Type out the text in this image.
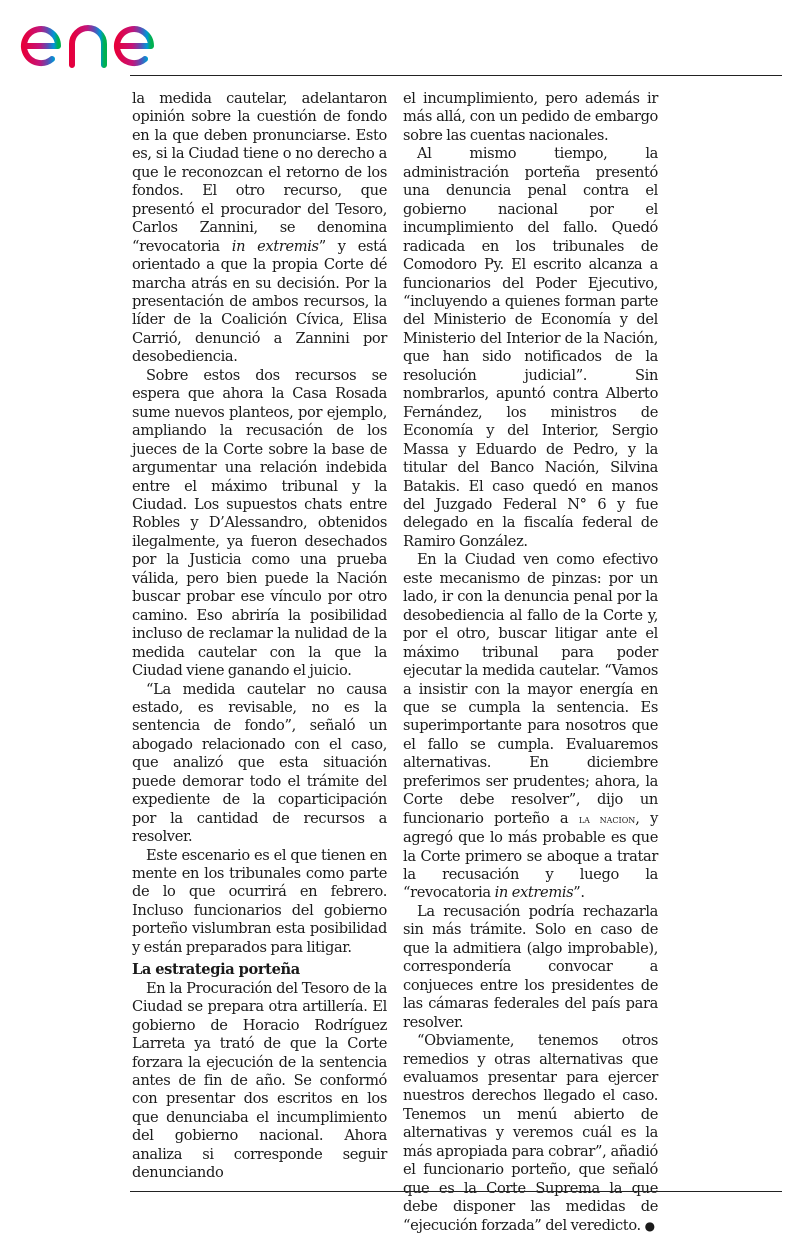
la medida cautelar, adelantaron opinión sobre la cuestión de fondo en la que deben pronunciarse. Esto es, si la Ciudad tiene o no derecho a que le reconozcan el retorno de los fondos. El otro recurso, que presentó el procurador del Tesoro, Carlos Zannini, se denomina “revocatoria in extremis” y está orientado a que la propia Corte dé marcha atrás en su decisión. Por la presentación de ambos recursos, la líder de la Coalición Cívica, Elisa Carrió, denunció a Zannini por desobediencia.

Sobre estos dos recursos se espera que ahora la Casa Rosada sume nuevos planteos, por ejemplo, ampliando la recusación de los jueces de la Corte sobre la base de argumentar una relación indebida entre el máximo tribunal y la Ciudad. Los supuestos chats entre Robles y D’Alessandro, obtenidos ilegalmente, ya fueron desechados por la Justicia como una prueba válida, pero bien puede la Nación buscar probar ese vínculo por otro camino. Eso abriría la posibilidad incluso de reclamar la nulidad de la medida cautelar con la que la Ciudad viene ganando el juicio.

“La medida cautelar no causa estado, es revisable, no es la sentencia de fondo”, señaló un abogado relacionado con el caso, que analizó que esta situación puede demorar todo el trámite del expediente de la coparticipación por la cantidad de recursos a resolver.

Este escenario es el que tienen en mente en los tribunales como parte de lo que ocurrirá en febrero. Incluso funcionarios del gobierno porteño vislumbran esta posibilidad y están preparados para litigar.

La estrategia porteña

En la Procuración del Tesoro de la Ciudad se prepara otra artillería. El gobierno de Horacio Rodríguez Larreta ya trató de que la Corte forzara la ejecución de la sentencia antes de fin de año. Se conformó con presentar dos escritos en los que denunciaba el incumplimiento del gobierno nacional. Ahora analiza si corresponde seguir denunciando

el incumplimiento, pero además ir más allá, con un pedido de embargo sobre las cuentas nacionales.

Al mismo tiempo, la administración porteña presentó una denuncia penal contra el gobierno nacional por el incumplimiento del fallo. Quedó radicada en los tribunales de Comodoro Py. El escrito alcanza a funcionarios del Poder Ejecutivo, “incluyendo a quienes forman parte del Ministerio de Economía y del Ministerio del Interior de la Nación, que han sido notificados de la resolución judicial”. Sin nombrarlos, apuntó contra Alberto Fernández, los ministros de Economía y del Interior, Sergio Massa y Eduardo de Pedro, y la titular del Banco Nación, Silvina Batakis. El caso quedó en manos del Juzgado Federal N° 6 y fue delegado en la fiscalía federal de Ramiro González.

En la Ciudad ven como efectivo este mecanismo de pinzas: por un lado, ir con la denuncia penal por la desobediencia al fallo de la Corte y, por el otro, buscar litigar ante el máximo tribunal para poder ejecutar la medida cautelar. “Vamos a insistir con la mayor energía en que se cumpla la sentencia. Es superimportante para nosotros que el fallo se cumpla. Evaluaremos alternativas. En diciembre preferimos ser prudentes; ahora, la Corte debe resolver”, dijo un funcionario porteño a la nacion, y agregó que lo más probable es que la Corte primero se aboque a tratar la recusación y luego la “revocatoria in extremis”.

La recusación podría rechazarla sin más trámite. Solo en caso de que la admitiera (algo improbable), correspondería convocar a conjueces entre los presidentes de las cámaras federales del país para resolver.

“Obviamente, tenemos otros remedios y otras alternativas que evaluamos presentar para ejercer nuestros derechos llegado el caso. Tenemos un menú abierto de alternativas y veremos cuál es la más apropiada para cobrar”, añadió el funcionario porteño, que señaló que es la Corte Suprema la que debe disponer las medidas de “ejecución forzada” del veredicto. ●
